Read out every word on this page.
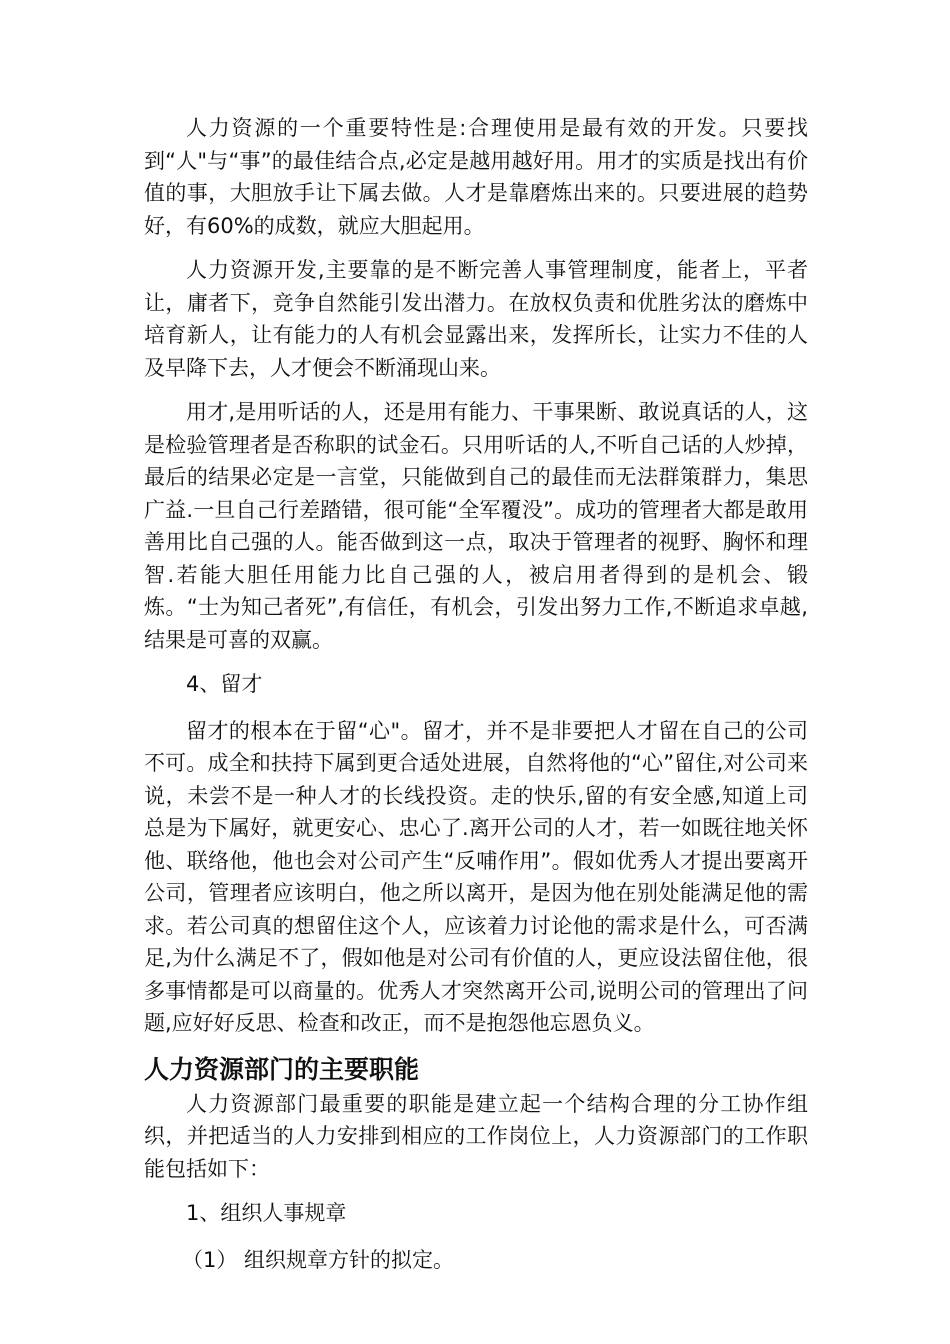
人力资源的一个重要特性是:合理使用是最有效的开发。只要找到“人"与“事”的最佳结合点,必定是越用越好用。用才的实质是找出有价值的事，大胆放手让下属去做。人才是靠磨炼出来的。只要进展的趋势好，有60%的成数，就应大胆起用。

人力资源开发,主要靠的是不断完善人事管理制度，能者上，平者让，庸者下，竞争自然能引发出潜力。在放权负责和优胜劣汰的磨炼中培育新人，让有能力的人有机会显露出来，发挥所长，让实力不佳的人及早降下去，人才便会不断涌现山来。

用才,是用听话的人，还是用有能力、干事果断、敢说真话的人，这是检验管理者是否称职的试金石。只用听话的人,不听自己话的人炒掉，最后的结果必定是一言堂，只能做到自己的最佳而无法群策群力，集思广益.一旦自己行差踏错，很可能“全军覆没”。成功的管理者大都是敢用善用比自己强的人。能否做到这一点，取决于管理者的视野、胸怀和理智.若能大胆任用能力比自己强的人，被启用者得到的是机会、锻炼。“士为知己者死”,有信任，有机会，引发出努力工作,不断追求卓越,结果是可喜的双赢。

4、留才

留才的根本在于留“心"。留才，并不是非要把人才留在自己的公司不可。成全和扶持下属到更合适处进展，自然将他的“心”留住,对公司来说，未尝不是一种人才的长线投资。走的快乐,留的有安全感,知道上司总是为下属好，就更安心、忠心了.离开公司的人才，若一如既往地关怀他、联络他，他也会对公司产生“反哺作用”。假如优秀人才提出要离开公司，管理者应该明白，他之所以离开，是因为他在别处能满足他的需求。若公司真的想留住这个人，应该着力讨论他的需求是什么，可否满足,为什么满足不了，假如他是对公司有价值的人，更应设法留住他，很多事情都是可以商量的。优秀人才突然离开公司,说明公司的管理出了问题,应好好反思、检查和改正，而不是抱怨他忘恩负义。

人力资源部门的主要职能

人力资源部门最重要的职能是建立起一个结构合理的分工协作组织，并把适当的人力安排到相应的工作岗位上，人力资源部门的工作职能包括如下：

1、组织人事规章

（1） 组织规章方针的拟定。
